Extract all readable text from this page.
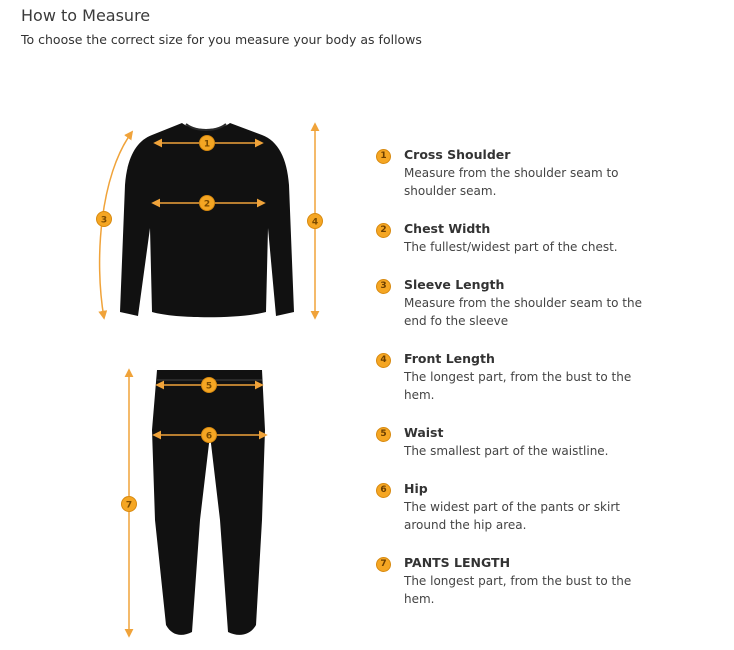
How to Measure

To choose the correct size for you measure your body as follows

1
2
3	4
5
6
7
1	Cross Shoulder
Measure from the shoulder seam to shoulder seam.
2	Chest Width
The fullest/widest part of the chest.
3	Sleeve Length
Measure from the shoulder seam to the end fo the sleeve
4	Front Length
The longest part, from the bust to the hem.
5	Waist
The smallest part of the waistline.
6	Hip
The widest part of the pants or skirt around the hip area.
7	PANTS LENGTH
The longest part, from the bust to the hem.
